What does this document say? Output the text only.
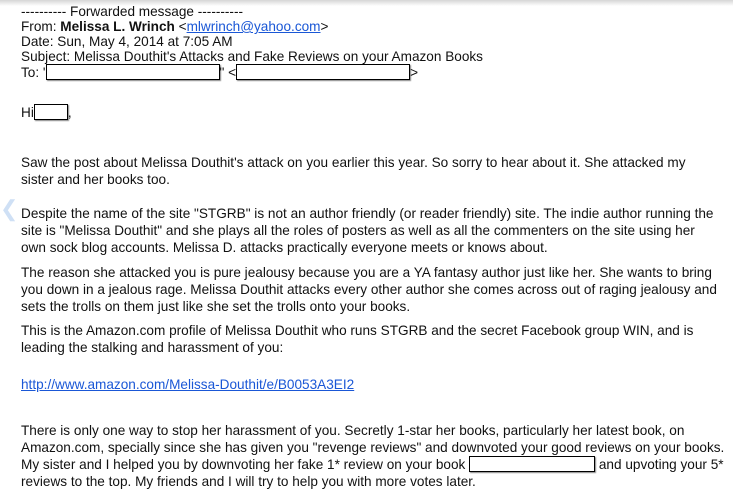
❮
---------- Forwarded message ----------
From: Melissa L. Wrinch <mlwrinch@yahoo.com>
Date: Sun, May 4, 2014 at 7:05 AM
Subject: Melissa Douthit's Attacks and Fake Reviews on your Amazon Books
To: '	" <	>
Hi	,
Saw the post about Melissa Douthit's attack on you earlier this year. So sorry to hear about it. She attacked my sister and her books too.
Despite the name of the site "STGRB" is not an author friendly (or reader friendly) site. The indie author running the site is "Melissa Douthit" and she plays all the roles of posters as well as all the commenters on the site using her own sock blog accounts. Melissa D. attacks practically everyone meets or knows about.
The reason she attacked you is pure jealousy because you are a YA fantasy author just like her. She wants to bring you down in a jealous rage. Melissa Douthit attacks every other author she comes across out of raging jealousy and sets the trolls on them just like she set the trolls onto your books.
This is the Amazon.com profile of Melissa Douthit who runs STGRB and the secret Facebook group WIN, and is leading the stalking and harassment of you:
http://www.amazon.com/Melissa-Douthit/e/B0053A3EI2
There is only one way to stop her harassment of you. Secretly 1-star her books, particularly her latest book, on Amazon.com, specially since she has given you "revenge reviews" and downvoted your good reviews on your books. My sister and I helped you by downvoting her fake 1* review on your book	and upvoting your 5* reviews to the top. My friends and I will try to help you with more votes later.
